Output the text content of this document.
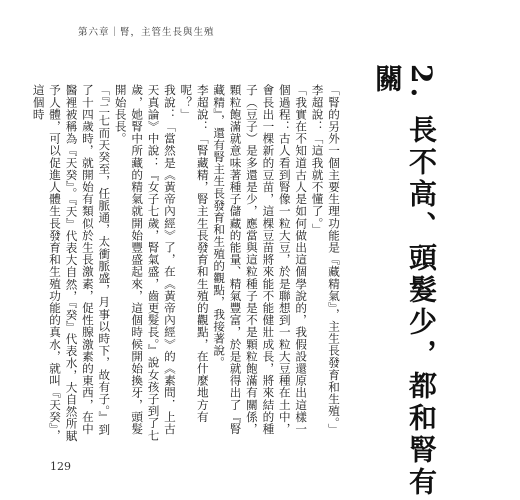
第六章｜腎，主管生長與生殖
2. 長不高、頭髮少，都和腎有關

「腎的另外一個主要生理功能是『藏精氣』，主生長發育和生殖。」

李超說：「這我就不懂了。」

「我實在不知道古人是如何做出這個學說的，我假設還原出這樣一個過程：古人看到腎像一粒大豆，於是聯想到一粒大豆種在土中，會長出一棵新的豆苗，這棵豆苗將來能不能健壯成長，將來結的種子（豆子）是多還是少，應當與這粒種子是不是顆粒飽滿有關係，顆粒飽滿就意味著種子儲藏的能量、精氣豐富，於是就得出了『腎藏精』，還有腎主生長發育和生殖的觀點，我接著說。

李超說：「腎藏精，腎主生長發育和生殖的觀點，在什麼地方有呢？」

我說：「當然是《黃帝內經》了，在《黃帝內經》的《素問．上古天真論》中說：『女子七歲，腎氣盛，齒更髮長。』說女孩子到了七歲，她腎中所藏的精氣就開始豐盛起來，這個時候開始換牙，頭髮開始長長。

「『二七而天癸至，任脈通，太衝脈盛，月事以時下，故有子。』到了十四歲時，就開始有類似於生長激素，促性腺激素的東西，在中醫裡被稱為『天癸』。『天』代表大自然，『癸』代表水，大自然所賦予人體，可以促進人體生長發育和生殖功能的真水，就叫『天癸』，這個時

129
